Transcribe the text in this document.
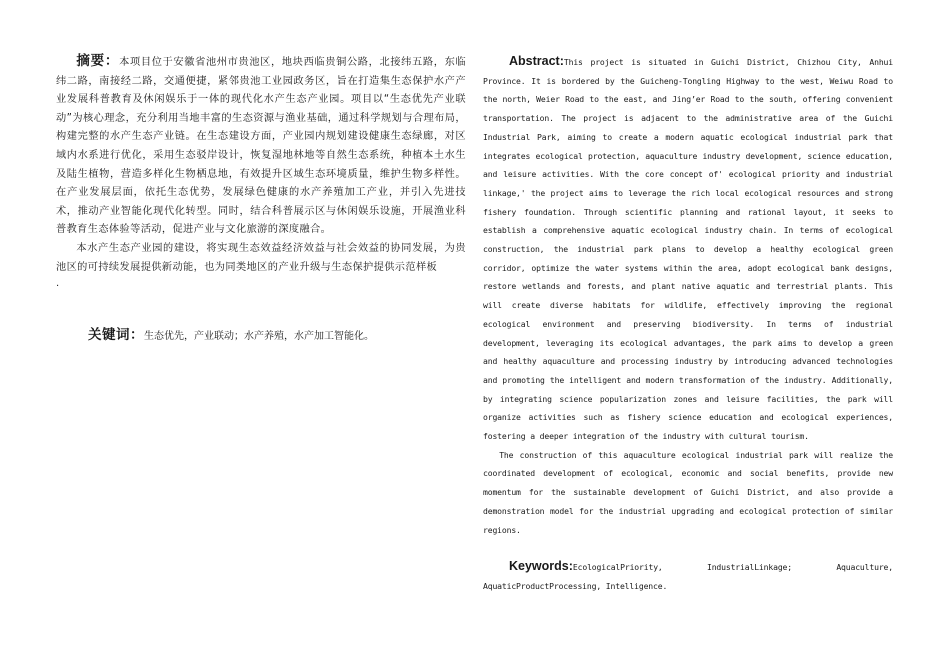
摘要：本项目位于安徽省池州市贵池区，地块西临贵铜公路，北接纬五路，东临纬二路，南接经二路，交通便捷，紧邻贵池工业园政务区，旨在打造集生态保护水产产业发展科普教育及休闲娱乐于一体的现代化水产生态产业园。项目以“生态优先产业联动”为核心理念，充分利用当地丰富的生态资源与渔业基础，通过科学规划与合理布局，构建完整的水产生态产业链。在生态建设方面，产业园内规划建设健康生态绿廊，对区域内水系进行优化，采用生态驳岸设计，恢复湿地林地等自然生态系统，种植本土水生及陆生植物，营造多样化生物栖息地，有效提升区域生态环境质量，维护生物多样性。在产业发展层面，依托生态优势，发展绿色健康的水产养殖加工产业，并引入先进技术，推动产业智能化现代化转型。同时，结合科普展示区与休闲娱乐设施，开展渔业科普教育生态体验等活动，促进产业与文化旅游的深度融合。

本水产生态产业园的建设，将实现生态效益经济效益与社会效益的协同发展，为贵池区的可持续发展提供新动能，也为同类地区的产业升级与生态保护提供示范样板

.

关键词：生态优先，产业联动；水产养殖，水产加工智能化。

Abstract:This project is situated in Guichi District, Chizhou City, Anhui Province. It is bordered by the Guicheng-Tongling Highway to the west, Weiwu Road to the north, Weier Road to the east, and Jing’er Road to the south, offering convenient transportation. The project is adjacent to the administrative area of the Guichi Industrial Park, aiming to create a modern aquatic ecological industrial park that integrates ecological protection, aquaculture industry development, science education, and leisure activities. With the core concept of' ecological priority and industrial linkage,' the project aims to leverage the rich local ecological resources and strong fishery foundation. Through scientific planning and rational layout, it seeks to establish a comprehensive aquatic ecological industry chain. In terms of ecological construction, the industrial park plans to develop a healthy ecological green corridor, optimize the water systems within the area, adopt ecological bank designs, restore wetlands and forests, and plant native aquatic and terrestrial plants. This will create diverse habitats for wildlife, effectively improving the regional ecological environment and preserving biodiversity. In terms of industrial development, leveraging its ecological advantages, the park aims to develop a green and healthy aquaculture and processing industry by introducing advanced technologies and promoting the intelligent and modern transformation of the industry. Additionally, by integrating science popularization zones and leisure facilities, the park will organize activities such as fishery science education and ecological experiences, fostering a deeper integration of the industry with cultural tourism.

The construction of this aquaculture ecological industrial park will realize the coordinated development of ecological, economic and social benefits, provide new momentum for the sustainable development of Guichi District, and also provide a demonstration model for the industrial upgrading and ecological protection of similar regions.

Keywords:EcologicalPriority, IndustrialLinkage; Aquaculture, AquaticProductProcessing, Intelligence.
